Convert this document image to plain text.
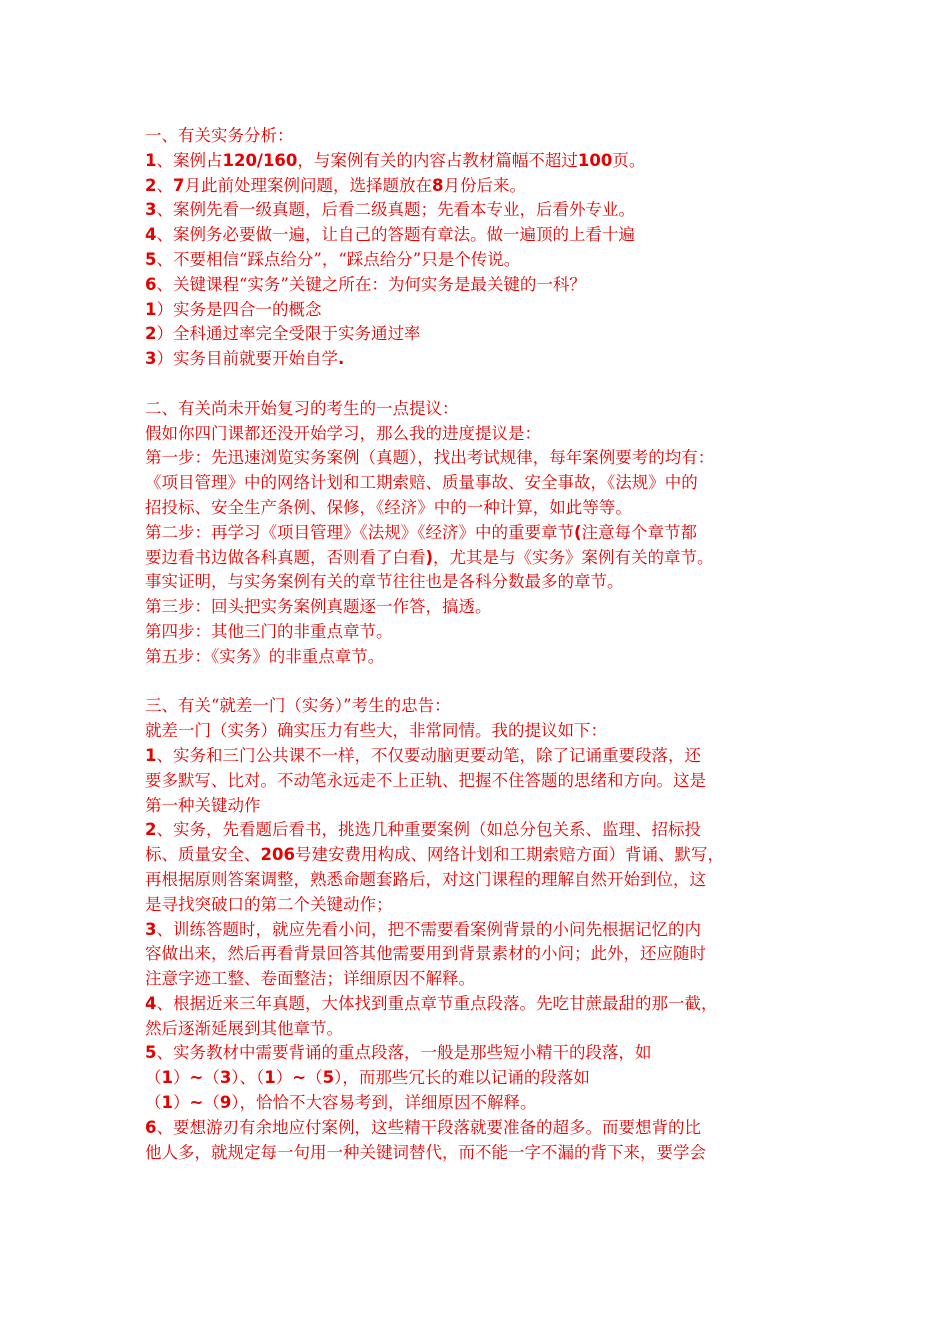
一、有关实务分析：
1、案例占120/160，与案例有关的内容占教材篇幅不超过100页。
2、7月此前处理案例问题，选择题放在8月份后来。
3、案例先看一级真题，后看二级真题；先看本专业，后看外专业。
4、案例务必要做一遍，让自己的答题有章法。做一遍顶的上看十遍
5、不要相信“踩点给分”，“踩点给分”只是个传说。
6、关键课程“实务”关键之所在：为何实务是最关键的一科？
1）实务是四合一的概念
2）全科通过率完全受限于实务通过率
3）实务目前就要开始自学.
二、有关尚未开始复习的考生的一点提议：
假如你四门课都还没开始学习，那么我的进度提议是：
第一步：先迅速浏览实务案例（真题），找出考试规律，每年案例要考的均有：
《项目管理》中的网络计划和工期索赔、质量事故、安全事故，《法规》中的
招投标、安全生产条例、保修，《经济》中的一种计算，如此等等。
第二步：再学习《项目管理》《法规》《经济》中的重要章节(注意每个章节都
要边看书边做各科真题，否则看了白看)，尤其是与《实务》案例有关的章节。
事实证明，与实务案例有关的章节往往也是各科分数最多的章节。
第三步：回头把实务案例真题逐一作答，搞透。
第四步：其他三门的非重点章节。
第五步：《实务》的非重点章节。
三、有关“就差一门（实务）”考生的忠告：
就差一门（实务）确实压力有些大，非常同情。我的提议如下：
1、实务和三门公共课不一样，不仅要动脑更要动笔，除了记诵重要段落，还
要多默写、比对。不动笔永远走不上正轨、把握不住答题的思绪和方向。这是
第一种关键动作
2、实务，先看题后看书，挑选几种重要案例（如总分包关系、监理、招标投
标、质量安全、206号建安费用构成、网络计划和工期索赔方面）背诵、默写，
再根据原则答案调整，熟悉命题套路后，对这门课程的理解自然开始到位，这
是寻找突破口的第二个关键动作；
3、训练答题时，就应先看小问，把不需要看案例背景的小问先根据记忆的内
容做出来，然后再看背景回答其他需要用到背景素材的小问；此外，还应随时
注意字迹工整、卷面整洁；详细原因不解释。
4、根据近来三年真题，大体找到重点章节重点段落。先吃甘蔗最甜的那一截，
然后逐渐延展到其他章节。
5、实务教材中需要背诵的重点段落，一般是那些短小精干的段落，如
（1）~（3）、（1）~（5），而那些冗长的难以记诵的段落如
（1）~（9），恰恰不大容易考到，详细原因不解释。
6、要想游刃有余地应付案例，这些精干段落就要准备的超多。而要想背的比
他人多，就规定每一句用一种关键词替代，而不能一字不漏的背下来，要学会
